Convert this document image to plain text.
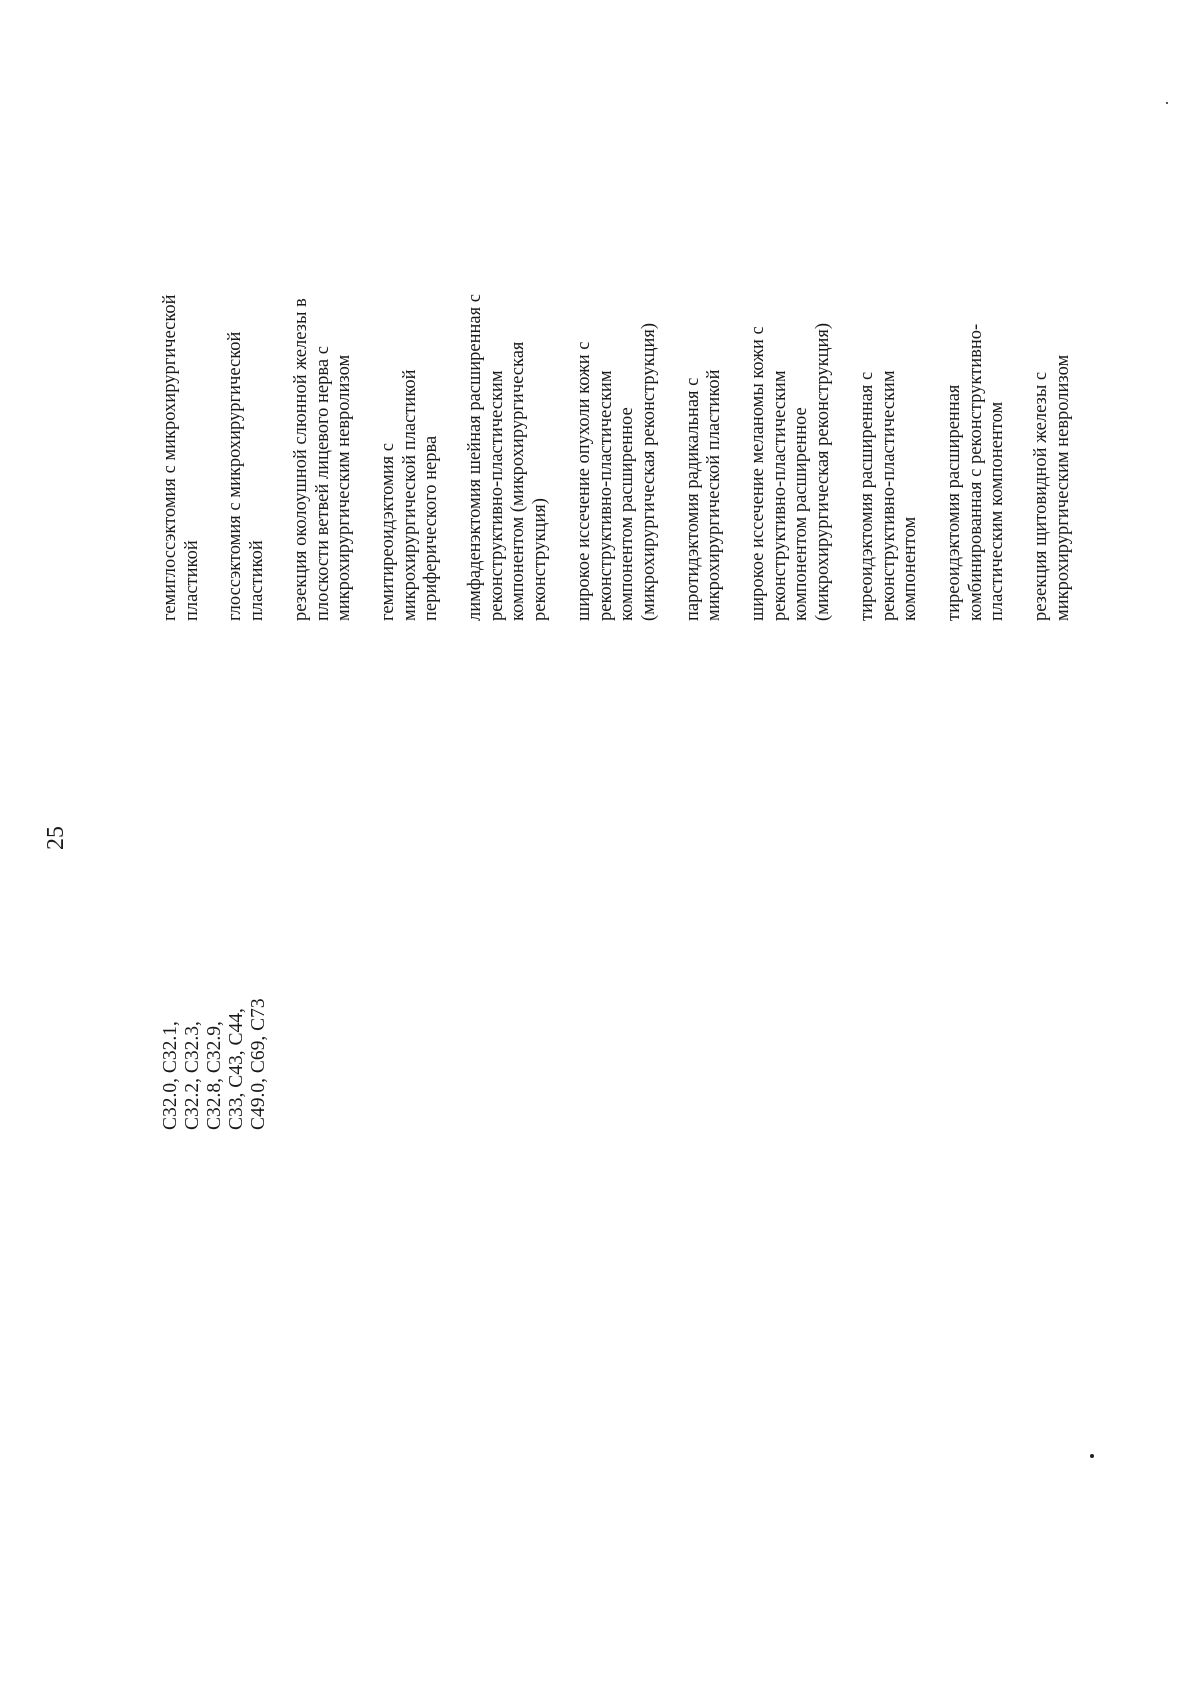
25
C32.0, C32.1, C32.2, C32.3, C32.8, C32.9, C33, C43, C44, C49.0, C69, C73
гемиглоссэктомия с микрохирургической пластикой глоссэктомия с микрохирургической пластикой резекция околоушной слюнной железы в плоскости ветвей лицевого нерва с микрохирургическим невролизом гемитиреоидэктомия с микрохирургической пластикой периферического нерва лимфаденэктомия шейная расширенная с реконструктивно-пластическим компонентом (микрохирургическая реконструкция) широкое иссечение опухоли кожи с реконструктивно-пластическим компонентом расширенное (микрохирургическая реконструкция) паротидэктомия радикальная с микрохирургической пластикой широкое иссечение меланомы кожи с реконструктивно-пластическим компонентом расширенное (микрохирургическая реконструкция) тиреоидэктомия расширенная с реконструктивно-пластическим компонентом тиреоидэктомия расширенная комбинированная с реконструктивно- пластическим компонентом резекция щитовидной железы с микрохирургическим невролизом
